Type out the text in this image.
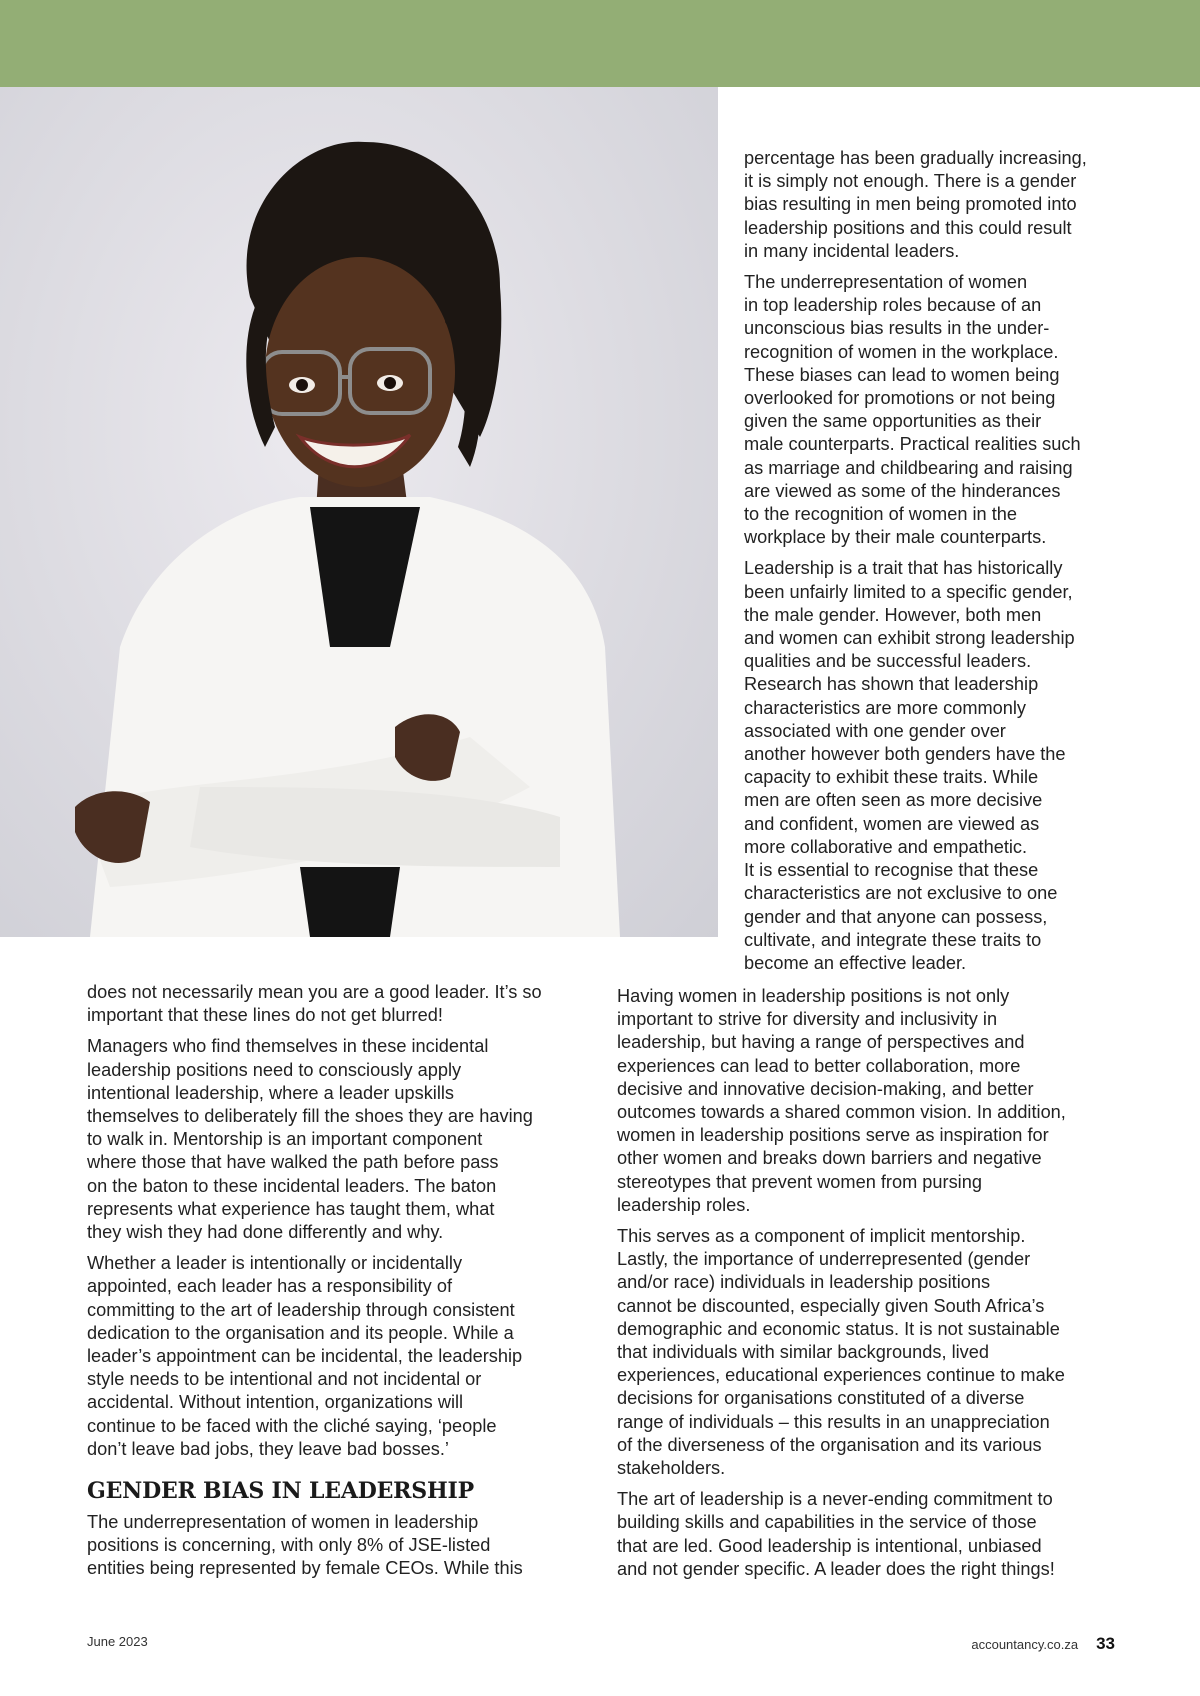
percentage has been gradually increasing,
it is simply not enough. There is a gender
bias resulting in men being promoted into
leadership positions and this could result
in many incidental leaders.

The underrepresentation of women
in top leadership roles because of an
unconscious bias results in the under-
recognition of women in the workplace.
These biases can lead to women being
overlooked for promotions or not being
given the same opportunities as their
male counterparts. Practical realities such
as marriage and childbearing and raising
are viewed as some of the hinderances
to the recognition of women in the
workplace by their male counterparts.

Leadership is a trait that has historically
been unfairly limited to a specific gender,
the male gender. However, both men
and women can exhibit strong leadership
qualities and be successful leaders.
Research has shown that leadership
characteristics are more commonly
associated with one gender over
another however both genders have the
capacity to exhibit these traits. While
men are often seen as more decisive
and confident, women are viewed as
more collaborative and empathetic.

It is essential to recognise that these
characteristics are not exclusive to one
gender and that anyone can possess,
cultivate, and integrate these traits to
become an effective leader.

does not necessarily mean you are a good leader. It’s so
important that these lines do not get blurred!

Managers who find themselves in these incidental
leadership positions need to consciously apply
intentional leadership, where a leader upskills
themselves to deliberately fill the shoes they are having
to walk in. Mentorship is an important component
where those that have walked the path before pass
on the baton to these incidental leaders. The baton
represents what experience has taught them, what
they wish they had done differently and why.

Whether a leader is intentionally or incidentally
appointed, each leader has a responsibility of
committing to the art of leadership through consistent
dedication to the organisation and its people. While a
leader’s appointment can be incidental, the leadership
style needs to be intentional and not incidental or
accidental. Without intention, organizations will
continue to be faced with the cliché saying, ‘people
don’t leave bad jobs, they leave bad bosses.’

GENDER BIAS IN LEADERSHIP

The underrepresentation of women in leadership
positions is concerning, with only 8% of JSE-listed
entities being represented by female CEOs. While this

Having women in leadership positions is not only
important to strive for diversity and inclusivity in
leadership, but having a range of perspectives and
experiences can lead to better collaboration, more
decisive and innovative decision-making, and better
outcomes towards a shared common vision. In addition,
women in leadership positions serve as inspiration for
other women and breaks down barriers and negative
stereotypes that prevent women from pursing
leadership roles.

This serves as a component of implicit mentorship.
Lastly, the importance of underrepresented (gender
and/or race) individuals in leadership positions
cannot be discounted, especially given South Africa’s
demographic and economic status. It is not sustainable
that individuals with similar backgrounds, lived
experiences, educational experiences continue to make
decisions for organisations constituted of a diverse
range of individuals – this results in an unappreciation
of the diverseness of the organisation and its various
stakeholders.

The art of leadership is a never-ending commitment to
building skills and capabilities in the service of those
that are led. Good leadership is intentional, unbiased
and not gender specific. A leader does the right things!

June 2023	accountancy.co.za 33
